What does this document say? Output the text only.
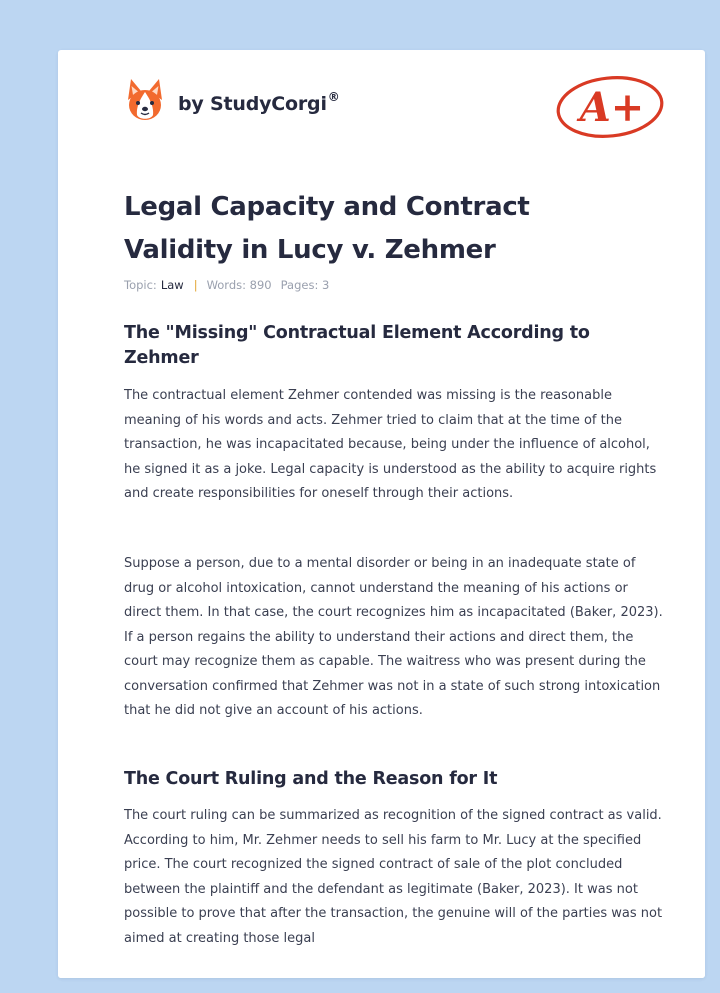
by StudyCorgi®	A+
Legal Capacity and Contract Validity in Lucy v. Zehmer
Topic: Law | Words: 890 Pages: 3
The "Missing" Contractual Element According to Zehmer

The contractual element Zehmer contended was missing is the reasonable meaning of his words and acts. Zehmer tried to claim that at the time of the transaction, he was incapacitated because, being under the influence of alcohol, he signed it as a joke. Legal capacity is understood as the ability to acquire rights and create responsibilities for oneself through their actions.

Suppose a person, due to a mental disorder or being in an inadequate state of drug or alcohol intoxication, cannot understand the meaning of his actions or direct them. In that case, the court recognizes him as incapacitated (Baker, 2023). If a person regains the ability to understand their actions and direct them, the court may recognize them as capable. The waitress who was present during the conversation confirmed that Zehmer was not in a state of such strong intoxication that he did not give an account of his actions.

The Court Ruling and the Reason for It

The court ruling can be summarized as recognition of the signed contract as valid. According to him, Mr. Zehmer needs to sell his farm to Mr. Lucy at the specified price. The court recognized the signed contract of sale of the plot concluded between the plaintiff and the defendant as legitimate (Baker, 2023). It was not possible to prove that after the transaction, the genuine will of the parties was not aimed at creating those legal
